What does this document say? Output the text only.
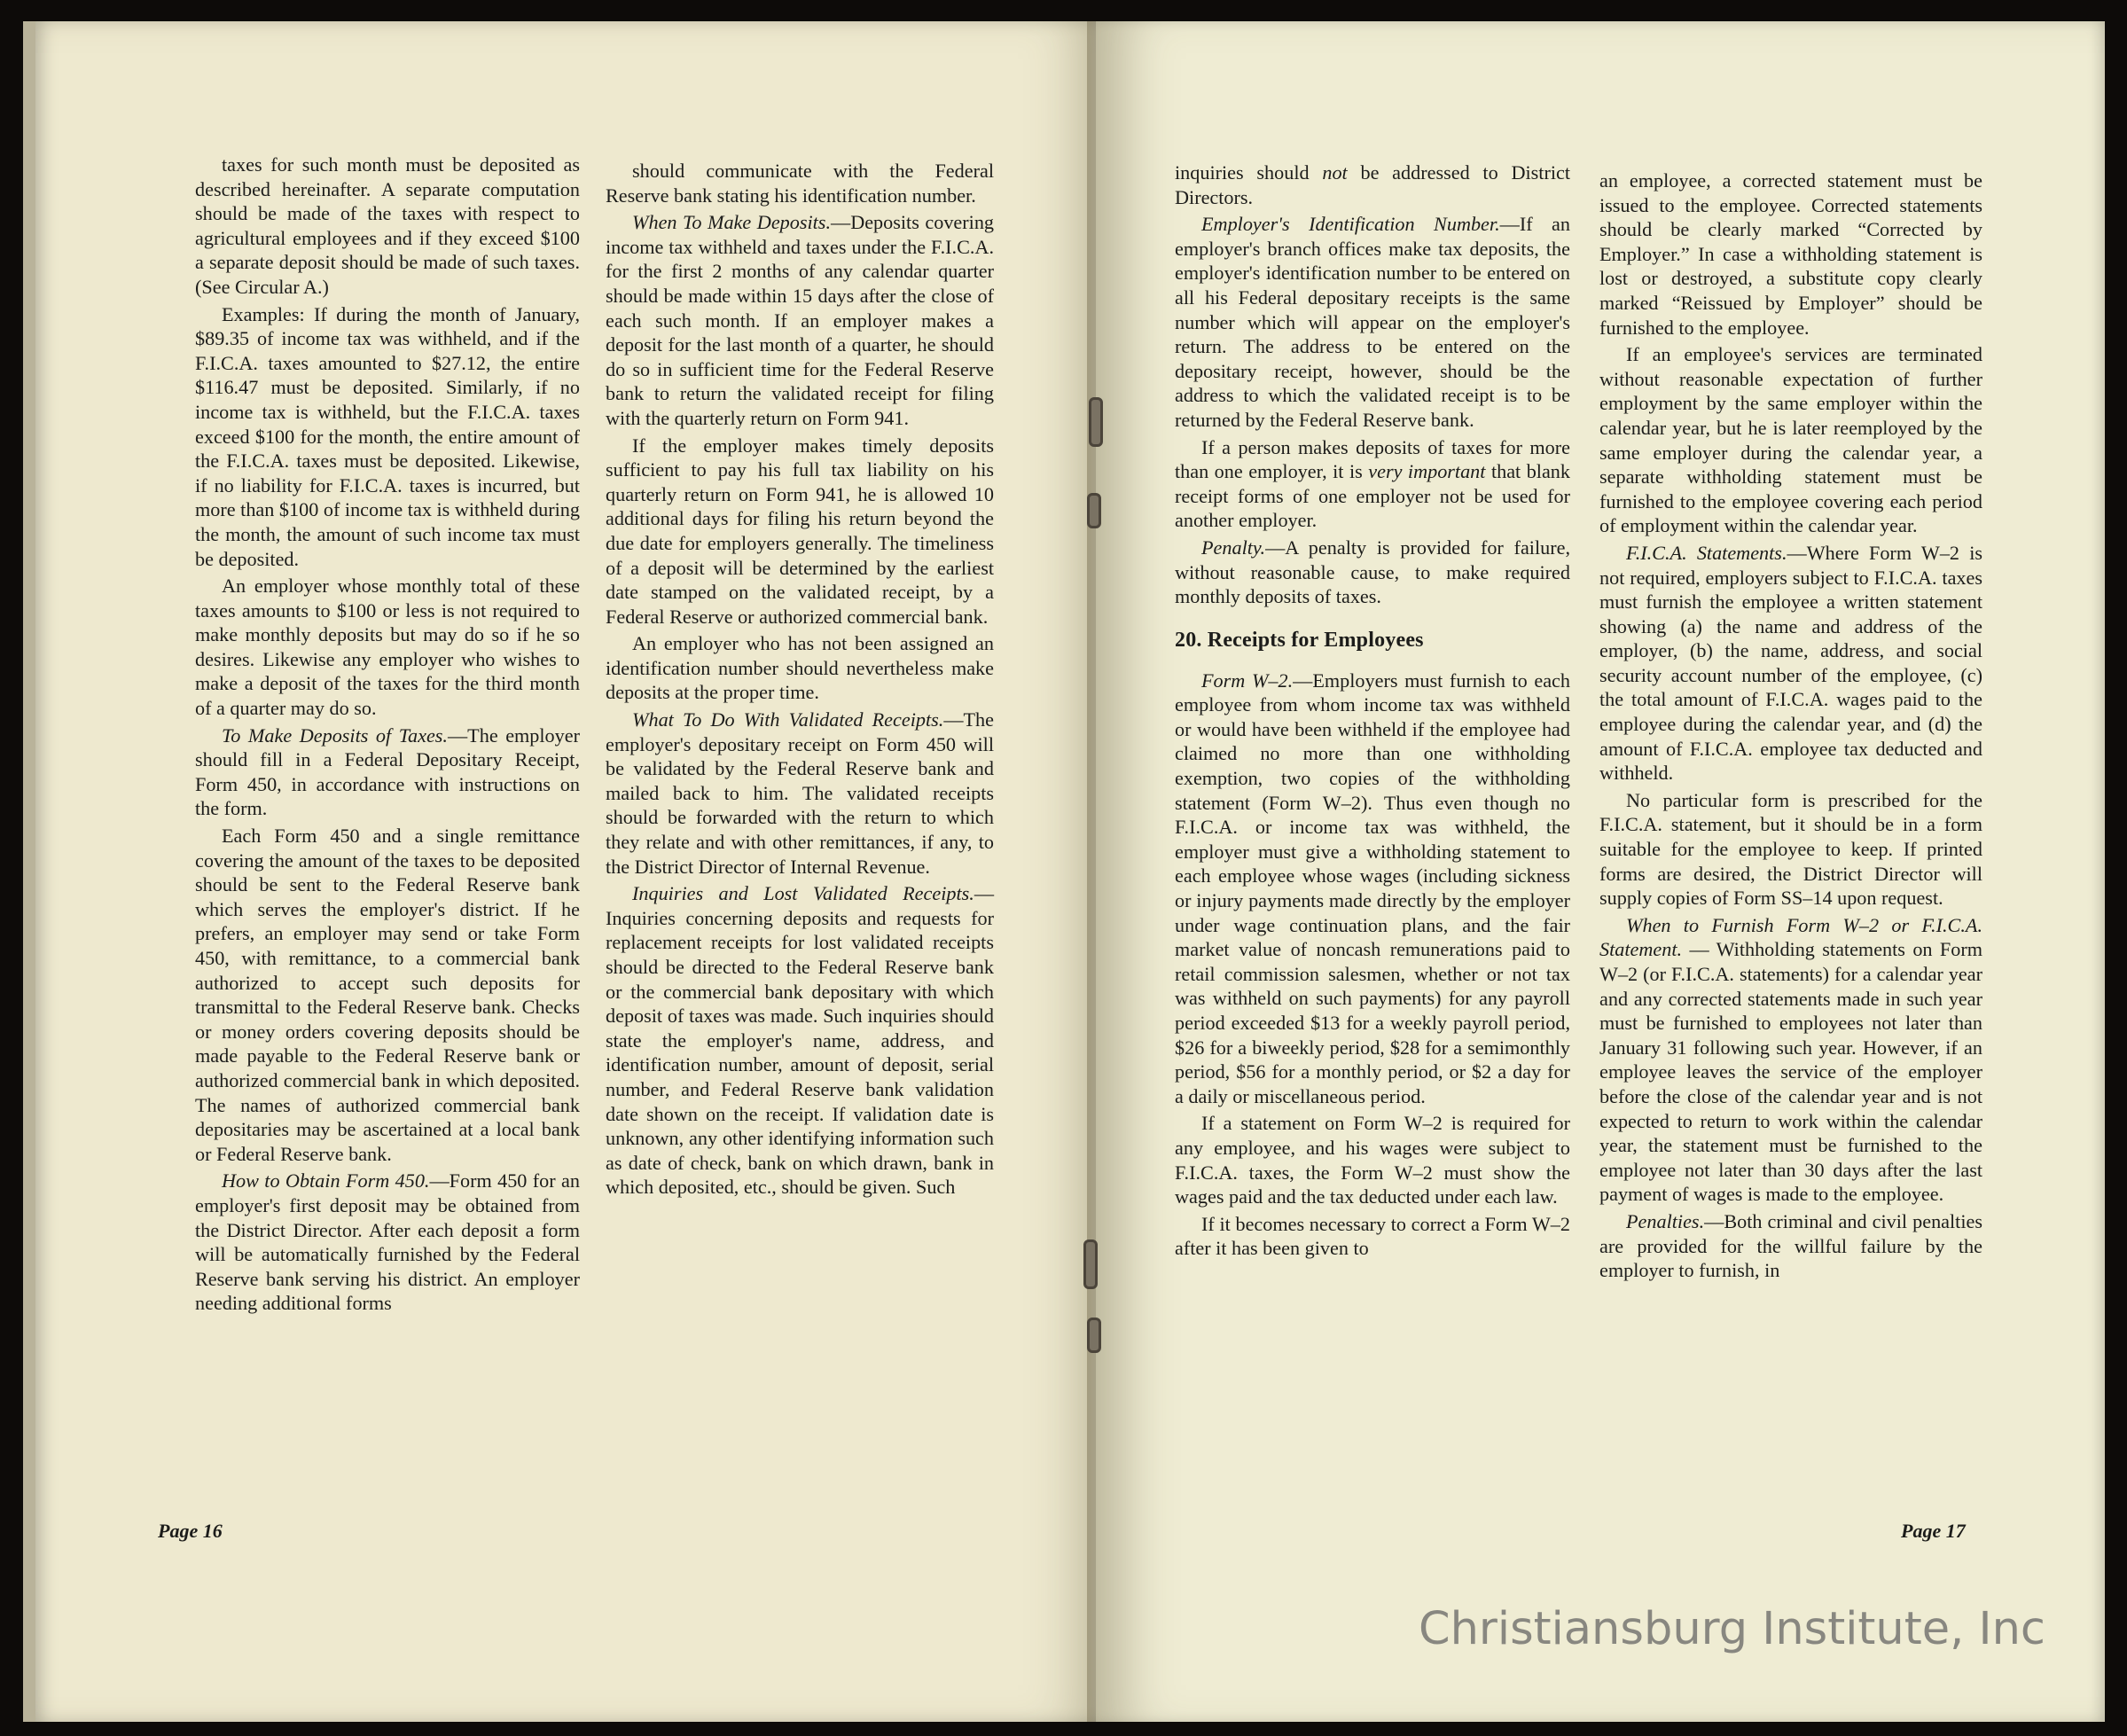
taxes for such month must be deposited as described hereinafter. A separate computation should be made of the taxes with respect to agricultural employees and if they exceed $100 a separate deposit should be made of such taxes. (See Circular A.)

Examples: If during the month of January, $89.35 of income tax was withheld, and if the F.I.C.A. taxes amounted to $27.12, the entire $116.47 must be deposited. Similarly, if no income tax is withheld, but the F.I.C.A. taxes exceed $100 for the month, the entire amount of the F.I.C.A. taxes must be deposited. Likewise, if no liability for F.I.C.A. taxes is incurred, but more than $100 of income tax is withheld during the month, the amount of such income tax must be deposited.

An employer whose monthly total of these taxes amounts to $100 or less is not required to make monthly deposits but may do so if he so desires. Likewise any employer who wishes to make a deposit of the taxes for the third month of a quarter may do so.

To Make Deposits of Taxes.—The employer should fill in a Federal Depositary Receipt, Form 450, in accordance with instructions on the form.

Each Form 450 and a single remittance covering the amount of the taxes to be deposited should be sent to the Federal Reserve bank which serves the employer's district. If he prefers, an employer may send or take Form 450, with remittance, to a commercial bank authorized to accept such deposits for transmittal to the Federal Reserve bank. Checks or money orders covering deposits should be made payable to the Federal Reserve bank or authorized commercial bank in which deposited. The names of authorized commercial bank depositaries may be ascertained at a local bank or Federal Reserve bank.

How to Obtain Form 450.—Form 450 for an employer's first deposit may be obtained from the District Director. After each deposit a form will be automatically furnished by the Federal Reserve bank serving his district. An employer needing additional forms

should communicate with the Federal Reserve bank stating his identification number.

When To Make Deposits.—Deposits covering income tax withheld and taxes under the F.I.C.A. for the first 2 months of any calendar quarter should be made within 15 days after the close of each such month. If an employer makes a deposit for the last month of a quarter, he should do so in sufficient time for the Federal Reserve bank to return the validated receipt for filing with the quarterly return on Form 941.

If the employer makes timely deposits sufficient to pay his full tax liability on his quarterly return on Form 941, he is allowed 10 additional days for filing his return beyond the due date for employers generally. The timeliness of a deposit will be determined by the earliest date stamped on the validated receipt, by a Federal Reserve or authorized commercial bank.

An employer who has not been assigned an identification number should nevertheless make deposits at the proper time.

What To Do With Validated Receipts.—The employer's depositary receipt on Form 450 will be validated by the Federal Reserve bank and mailed back to him. The validated receipts should be forwarded with the return to which they relate and with other remittances, if any, to the District Director of Internal Revenue.

Inquiries and Lost Validated Receipts.—Inquiries concerning deposits and requests for replacement receipts for lost validated receipts should be directed to the Federal Reserve bank or the commercial bank depositary with which deposit of taxes was made. Such inquiries should state the employer's name, address, and identification number, amount of deposit, serial number, and Federal Reserve bank validation date shown on the receipt. If validation date is unknown, any other identifying information such as date of check, bank on which drawn, bank in which deposited, etc., should be given. Such

Page 16

inquiries should not be addressed to District Directors.

Employer's Identification Number.—If an employer's branch offices make tax deposits, the employer's identification number to be entered on all his Federal depositary receipts is the same number which will appear on the employer's return. The address to be entered on the depositary receipt, however, should be the address to which the validated receipt is to be returned by the Federal Reserve bank.

If a person makes deposits of taxes for more than one employer, it is very important that blank receipt forms of one employer not be used for another employer.

Penalty.—A penalty is provided for failure, without reasonable cause, to make required monthly deposits of taxes.

20. Receipts for Employees

Form W–2.—Employers must furnish to each employee from whom income tax was withheld or would have been withheld if the employee had claimed no more than one withholding exemption, two copies of the withholding statement (Form W–2). Thus even though no F.I.C.A. or income tax was withheld, the employer must give a withholding statement to each employee whose wages (including sickness or injury payments made directly by the employer under wage continuation plans, and the fair market value of noncash remunerations paid to retail commission salesmen, whether or not tax was withheld on such payments) for any payroll period exceeded $13 for a weekly payroll period, $26 for a biweekly period, $28 for a semimonthly period, $56 for a monthly period, or $2 a day for a daily or miscellaneous period.

If a statement on Form W–2 is required for any employee, and his wages were subject to F.I.C.A. taxes, the Form W–2 must show the wages paid and the tax deducted under each law.

If it becomes necessary to correct a Form W–2 after it has been given to

an employee, a corrected statement must be issued to the employee. Corrected statements should be clearly marked “Corrected by Employer.” In case a withholding statement is lost or destroyed, a substitute copy clearly marked “Reissued by Employer” should be furnished to the employee.

If an employee's services are terminated without reasonable expectation of further employment by the same employer within the calendar year, but he is later reemployed by the same employer during the calendar year, a separate withholding statement must be furnished to the employee covering each period of employment within the calendar year.

F.I.C.A. Statements.—Where Form W–2 is not required, employers subject to F.I.C.A. taxes must furnish the employee a written statement showing (a) the name and address of the employer, (b) the name, address, and social security account number of the employee, (c) the total amount of F.I.C.A. wages paid to the employee during the calendar year, and (d) the amount of F.I.C.A. employee tax deducted and withheld.

No particular form is prescribed for the F.I.C.A. statement, but it should be in a form suitable for the employee to keep. If printed forms are desired, the District Director will supply copies of Form SS–14 upon request.

When to Furnish Form W–2 or F.I.C.A. Statement. — Withholding statements on Form W–2 (or F.I.C.A. statements) for a calendar year and any corrected statements made in such year must be furnished to employees not later than January 31 following such year. However, if an employee leaves the service of the employer before the close of the calendar year and is not expected to return to work within the calendar year, the statement must be furnished to the employee not later than 30 days after the last payment of wages is made to the employee.

Penalties.—Both criminal and civil penalties are provided for the willful failure by the employer to furnish, in

Page 17
Christiansburg Institute, Inc
